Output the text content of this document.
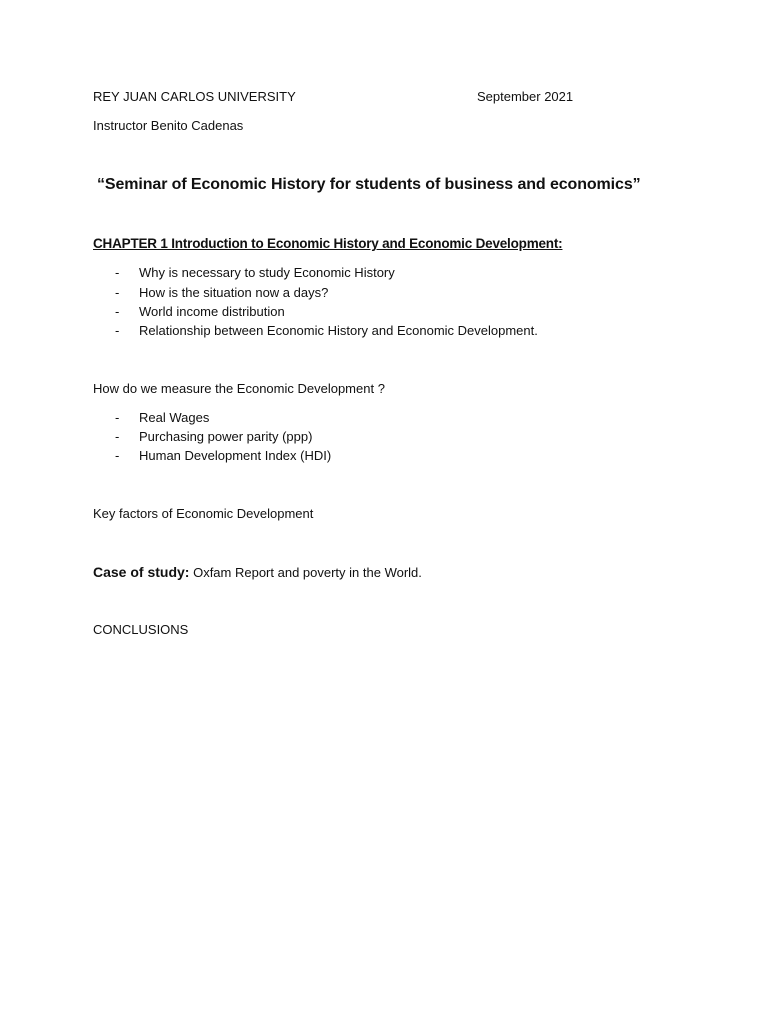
REY JUAN CARLOS UNIVERSITY	September 2021
Instructor Benito Cadenas
“Seminar of Economic History for students of business and economics”
CHAPTER 1 Introduction to Economic History and Economic Development:
- Why is necessary to study Economic History
- How is the situation now a days?
- World income distribution
- Relationship between Economic History and Economic Development.
How do we measure the Economic Development ?
- Real Wages
- Purchasing power parity (ppp)
- Human Development Index (HDI)
Key factors of Economic Development
Case of study: Oxfam Report and poverty in the World.
CONCLUSIONS
